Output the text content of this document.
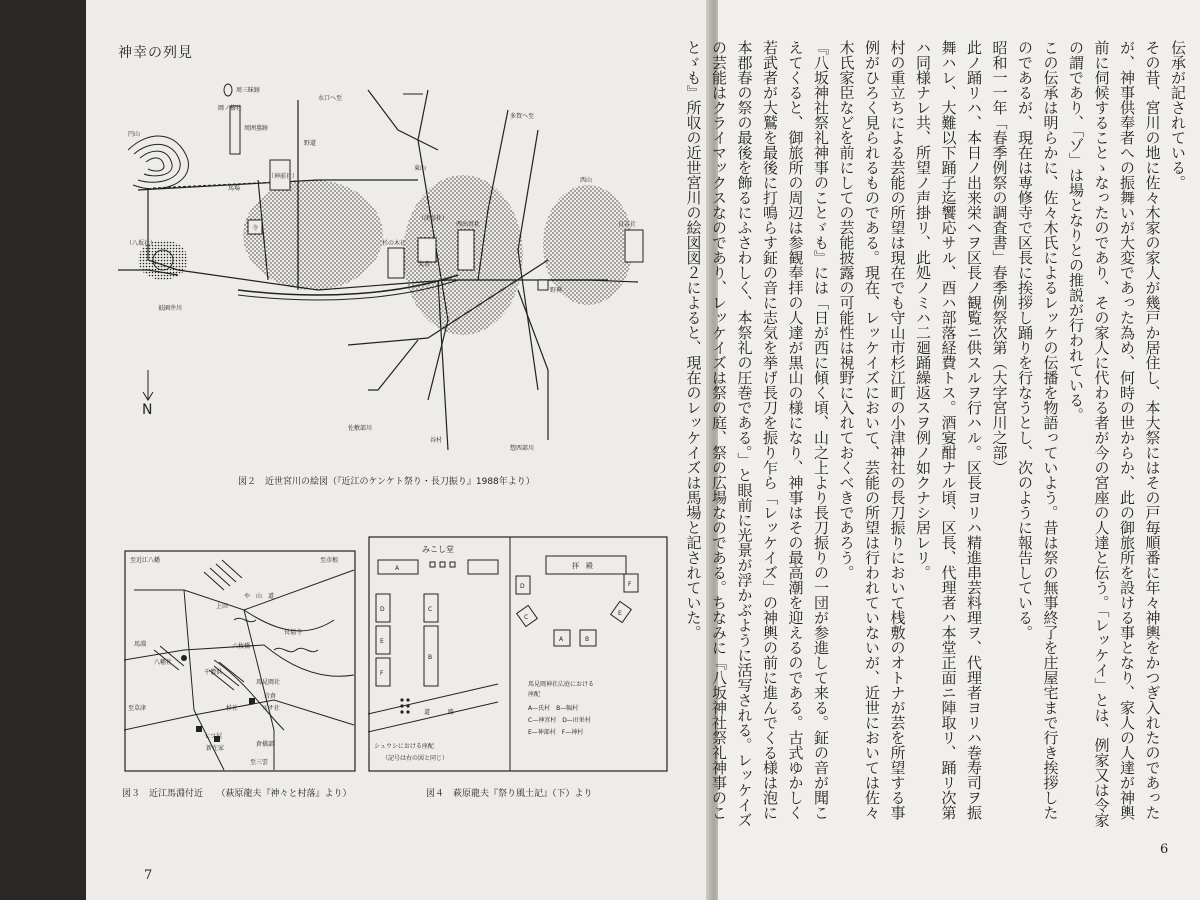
神幸の列見
水口へ至
多賀へ至
円山
馬場
（八坂社）
（神前社）
寺
東山
西山
（津島社）
杉の木社
西出宮社	日吉社
野神
大宮
祇園井川
佐敷部川
谷村
惣西部川
野道
N
周三昧跡
岡ノ椿社
周囲墓跡
図２　近世宮川の絵図（『近江のケンケト祭り・長刀振り』1988年より）
至近江八幡	至彦根
上田
や　山　道
長福寺
六枚橋
馬淵
八幡社
千僧供
馬見岡社
岩倉
杉社	スサ社
至草津
七ツ屋
新在家
倉橋部
至三雲
図３　近江馬淵付近　　（萩原龍夫『神々と村落』より）
みこし堂
A
D
E
F
C
B
道　　　路
シュウシにおける座配
（記号は右の図と同じ）
拝　殿
D	F
C
E
A	B
馬見岡神社広庭における
座配
A—氏村　B—幅村
C—神宮村　D—田栄村
E—神部村　F—神村
図４　萩原龍夫『祭り風土記』（下）より
7
6

伝承が記されている。

その昔、宮川の地に佐々木家の家人が幾戸か居住し、本大祭にはその戸毎順番に年々神輿をかつぎ入れたのであったが、神事供奉者への振舞いが大変であった為め、何時の世からか、此の御旅所を設ける事となり、家人の人達が神輿前に伺候することゝなったのであり、その家人に代わる者が今の宮座の人達と伝う。「レッケイ」とは、例家又は令家の謂であり、「ゾ」は場となりとの推説が行われている。

この伝承は明らかに、佐々木氏によるレッケの伝播を物語っていよう。昔は祭の無事終了を庄屋宅まで行き挨拶したのであるが、現在は専修寺で区長に挨拶し踊りを行なうとし、次のように報告している。

昭和一一年「春季例祭の調査書」春季例祭次第（大字宮川之部）

此ノ踊リハ、本日ノ出来栄ヘヲ区長ノ観覧ニ供スルヲ行ハル。区長ヨリハ精進串芸料理ヲ、代理者ヨリハ巻寿司ヲ振舞ハレ、大難以下踊子迄饗応サル、酉ハ部落経費トス。酒宴酣ナル頃、区長、代理者ハ本堂正面ニ陣取リ、踊リ次第ハ同様ナレ共、所望ノ声掛リ、此処ノミハ二廻踊繰返スヲ例ノ如クナシ居レリ。

村の重立ちによる芸能の所望は現在でも守山市杉江町の小津神社の長刀振りにおいて桟敷のオトナが芸を所望する事例がひろく見られるものである。現在、レッケイズにおいて、芸能の所望は行われていないが、近世においては佐々木氏家臣などを前にしての芸能披露の可能性は視野に入れておくべきであろう。

『八坂神社祭礼神事のことゞも』には「日が西に傾く頃、山之上より長刀振りの一団が参進して来る。鉦の音が聞こえてくると、御旅所の周辺は参観奉拝の人達が黒山の様になり、神事はその最高潮を迎えるのである。古式ゆかしく若武者が大鷲を最後に打鳴らす鉦の音に志気を挙げ長刀を振り乍ら「レッケイズ」の神輿の前に進んでくる様は泡に本郡春の祭の最後を飾るにふさわしく、本祭礼の圧巻である。」と眼前に光景が浮かぶように活写される。レッケイズの芸能はクライマックスなのであり、レッケイズは祭の庭、祭の広場なのである。ちなみに『八坂神社祭礼神事のことゞも』所収の近世宮川の絵図図２によると、現在のレッケイズは馬場と記されていた。
